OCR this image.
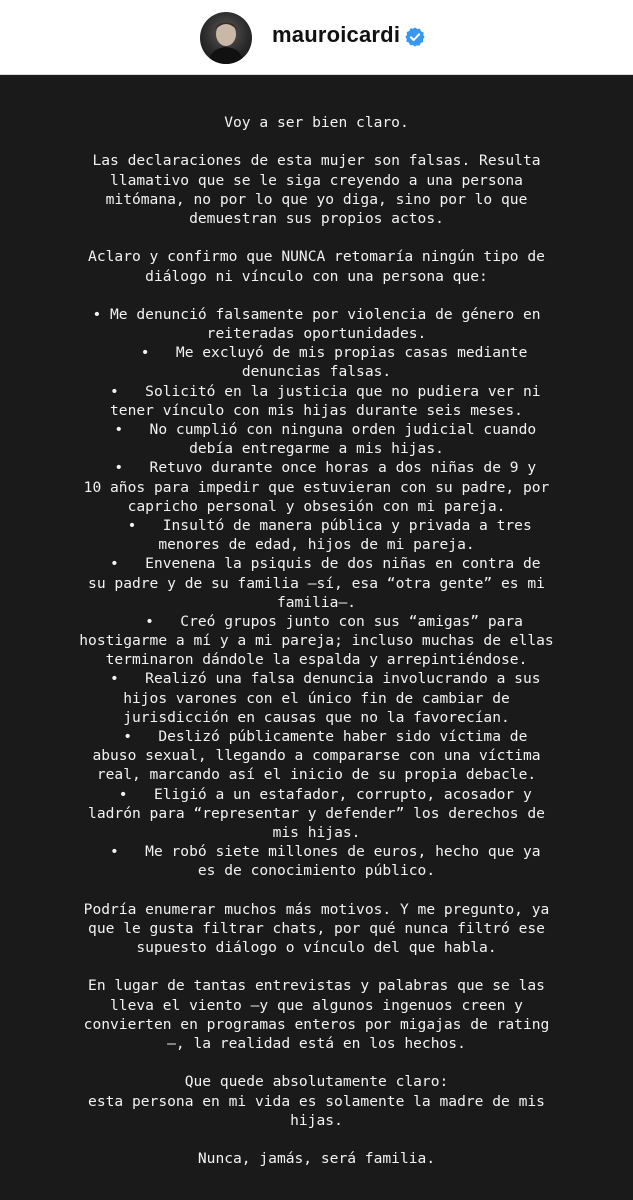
mauroicardi
Voy a ser bien claro.
Las declaraciones de esta mujer son falsas. Resulta
llamativo que se le siga creyendo a una persona
mitómana, no por lo que yo diga, sino por lo que
demuestran sus propios actos.
Aclaro y confirmo que NUNCA retomaría ningún tipo de
diálogo ni vínculo con una persona que:
• Me denunció falsamente por violencia de género en
reiteradas oportunidades.
•   Me excluyó de mis propias casas mediante
denuncias falsas.
•   Solicitó en la justicia que no pudiera ver ni
tener vínculo con mis hijas durante seis meses.
•   No cumplió con ninguna orden judicial cuando
debía entregarme a mis hijas.
•   Retuvo durante once horas a dos niñas de 9 y
10 años para impedir que estuvieran con su padre, por
capricho personal y obsesión con mi pareja.
•   Insultó de manera pública y privada a tres
menores de edad, hijos de mi pareja.
•   Envenena la psiquis de dos niñas en contra de
su padre y de su familia —sí, esa “otra gente” es mi
familia—.
•   Creó grupos junto con sus “amigas” para
hostigarme a mí y a mi pareja; incluso muchas de ellas
terminaron dándole la espalda y arrepintiéndose.
•   Realizó una falsa denuncia involucrando a sus
hijos varones con el único fin de cambiar de
jurisdicción en causas que no la favorecían.
•   Deslizó públicamente haber sido víctima de
abuso sexual, llegando a compararse con una víctima
real, marcando así el inicio de su propia debacle.
•   Eligió a un estafador, corrupto, acosador y
ladrón para “representar y defender” los derechos de
mis hijas.
•   Me robó siete millones de euros, hecho que ya
es de conocimiento público.
Podría enumerar muchos más motivos. Y me pregunto, ya
que le gusta filtrar chats, por qué nunca filtró ese
supuesto diálogo o vínculo del que habla.
En lugar de tantas entrevistas y palabras que se las
lleva el viento —y que algunos ingenuos creen y
convierten en programas enteros por migajas de rating
—, la realidad está en los hechos.
Que quede absolutamente claro:
esta persona en mi vida es solamente la madre de mis
hijas.
Nunca, jamás, será familia.
